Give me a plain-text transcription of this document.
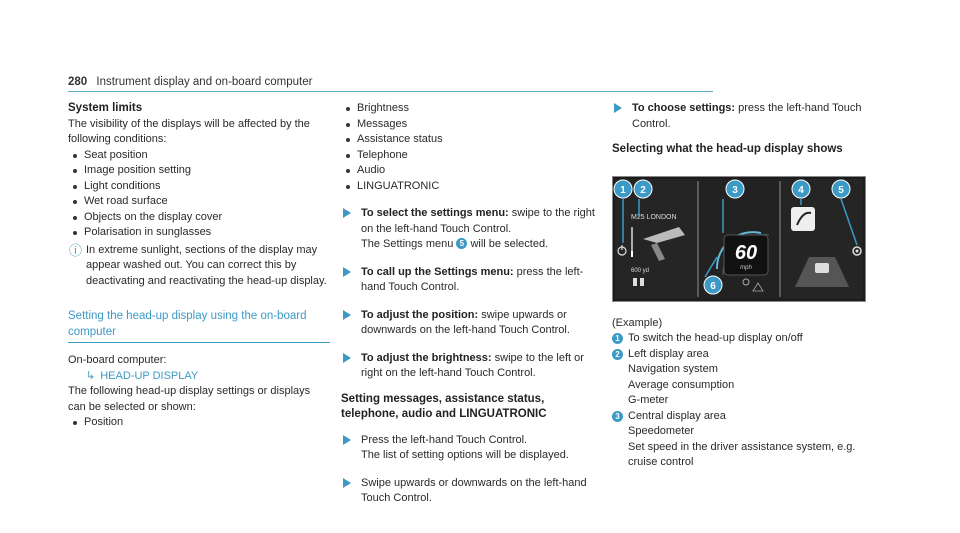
280 Instrument display and on-board computer

System limits

The visibility of the displays will be affected by the following conditions:

Seat position
Image position setting
Light conditions
Wet road surface
Objects on the display cover
Polarisation in sunglasses
ⓘ In extreme sunlight, sections of the display may appear washed out. You can correct this by deactivating and reactivating the head-up display.
Setting the head-up display using the on-board computer

On-board computer:

↳ HEAD-UP DISPLAY

The following head-up display settings or displays can be selected or shown:

Position
Brightness
Messages
Assistance status
Telephone
Audio
LINGUATRONIC
To select the settings menu: swipe to the right on the left-hand Touch Control.
The Settings menu 5 will be selected.
To call up the Settings menu: press the left-hand Touch Control.
To adjust the position: swipe upwards or downwards on the left-hand Touch Control.
To adjust the brightness: swipe to the left or right on the left-hand Touch Control.

Setting messages, assistance status, telephone, audio and LINGUATRONIC

Press the left-hand Touch Control.
The list of setting options will be displayed.
Swipe upwards or downwards on the left-hand Touch Control.
To choose settings: press the left-hand Touch Control.

Selecting what the head-up display shows

M25 LONDON
600 yd
60
mph
1 2	3	4	5
6

(Example)

1 To switch the head-up display on/off
2 Left display area
Navigation system
Average consumption
G-meter
3 Central display area
Speedometer
Set speed in the driver assistance system, e.g. cruise control
